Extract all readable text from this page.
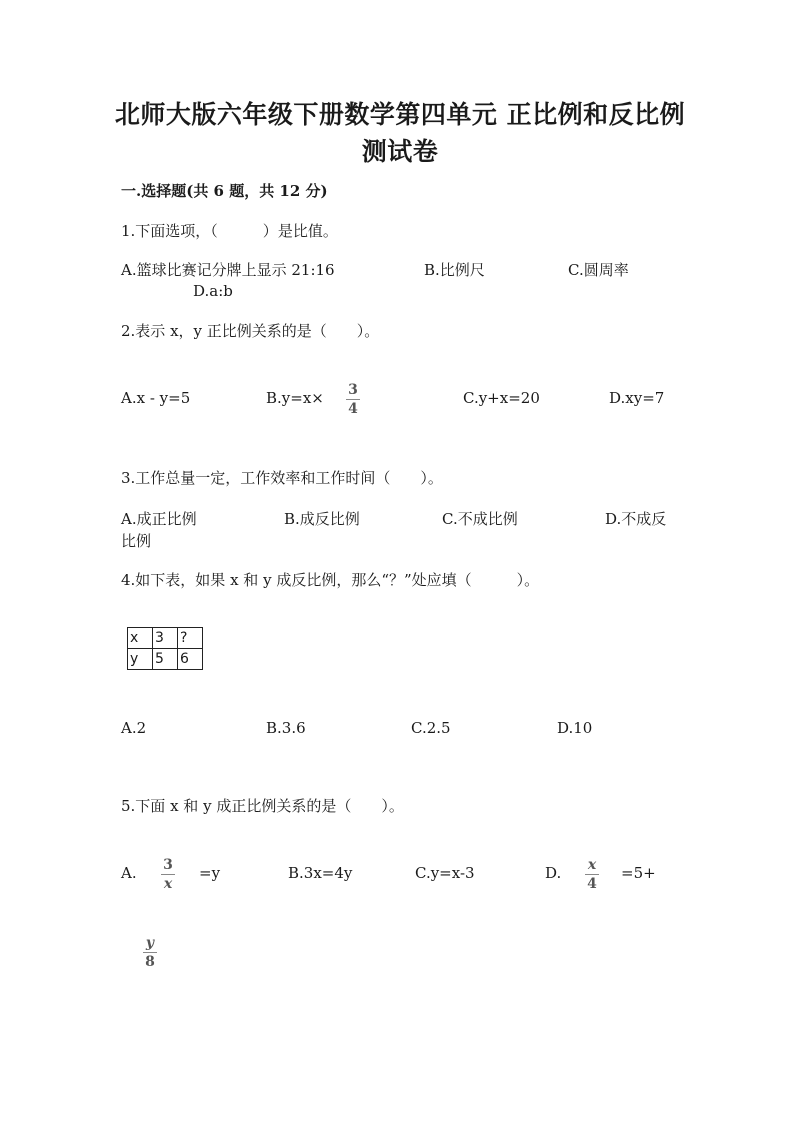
北师大版六年级下册数学第四单元 正比例和反比例
测试卷
一.选择题(共 6 题，共 12 分)
1.下面选项，（　　　）是比值。
A.篮球比赛记分牌上显示 21:16	B.比例尺	C.圆周率
D.a:b
2.表示 x，y 正比例关系的是（　　）。
A.x - y=5	B.y=x× 3
4
C.y+x=20	D.xy=7
3.工作总量一定，工作效率和工作时间（　　）。
A.成正比例	B.成反比例	C.不成比例	D.不成反
比例
4.如下表，如果 x 和 y 成反比例，那么“？”处应填（　　　）。
x	3	?
y	5	6
A.2	B.3.6	C.2.5	D.10
5.下面 x 和 y 成正比例关系的是（　　）。
A. 3
x
=y	B.3x=4y	C.y=x-3	D. x
4
=5+
y
8
